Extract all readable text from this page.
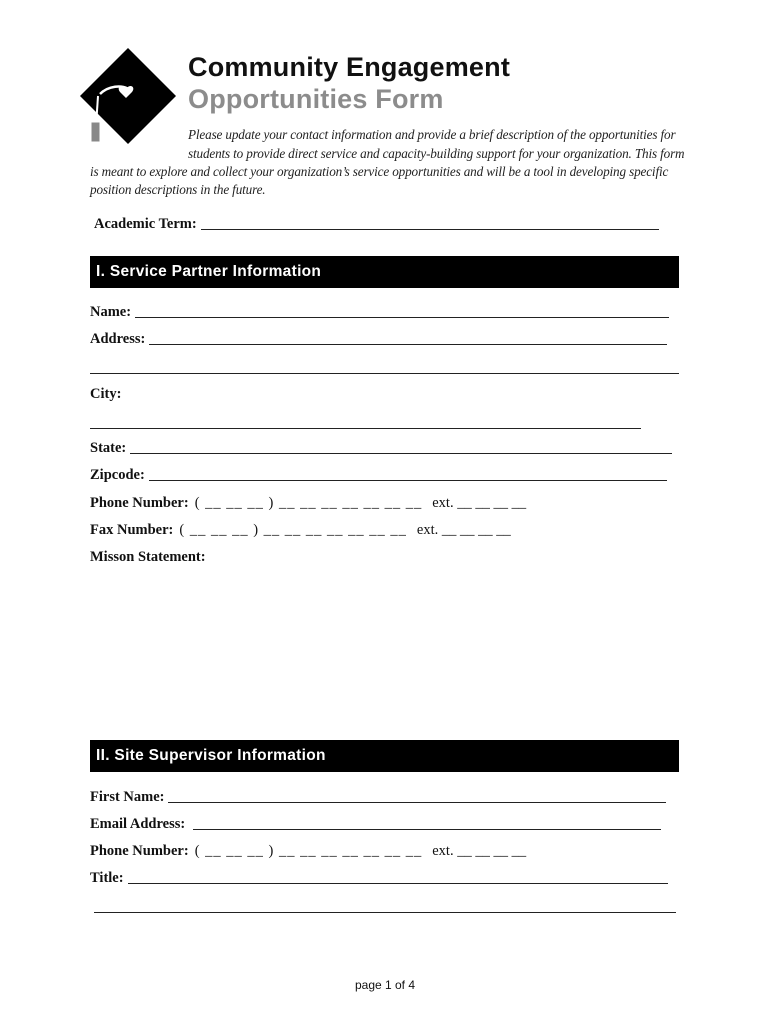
Community Engagement
Opportunities Form
Please update your contact information and provide a brief description of the opportunities for
students to provide direct service and capacity-building support for your organization. This form
is meant to explore and collect your organization’s service opportunities and will be a tool in developing specific
position descriptions in the future.
Academic Term:
I. Service Partner Information
Name:
Address:
City:
State:
Zipcode:
Phone Number: ( __ __ __ ) __ __ __ __ __ __ __ ext. __ __ __ __
Fax Number: ( __ __ __ ) __ __ __ __ __ __ __ ext. __ __ __ __
Misson Statement:
II. Site Supervisor Information
First Name:
Email Address:
Phone Number: ( __ __ __ ) __ __ __ __ __ __ __ ext. __ __ __ __
Title:
page 1 of 4
